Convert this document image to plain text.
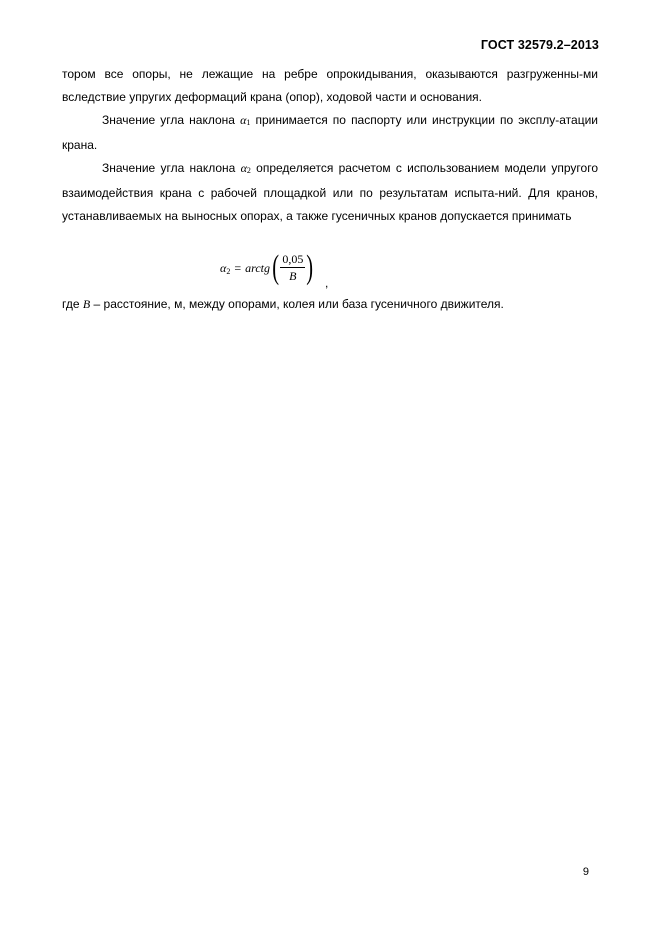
ГОСТ 32579.2–2013

тором все опоры, не лежащие на ребре опрокидывания, оказываются разгруженны-ми вследствие упругих деформаций крана (опор), ходовой части и основания.

Значение угла наклона $\alpha_1$ принимается по паспорту или инструкции по эксплу-атации крана.

Значение угла наклона $\alpha_2$ определяется расчетом с использованием модели упругого взаимодействия крана с рабочей площадкой или по результатам испыта-ний. Для кранов, устанавливаемых на выносных опорах, а также гусеничных кранов допускается принимать

α 2 = arctg ( $\frac{0,05}{B}$ ) ,
где B – расстояние, м, между опорами, колея или база гусеничного движителя.
9
